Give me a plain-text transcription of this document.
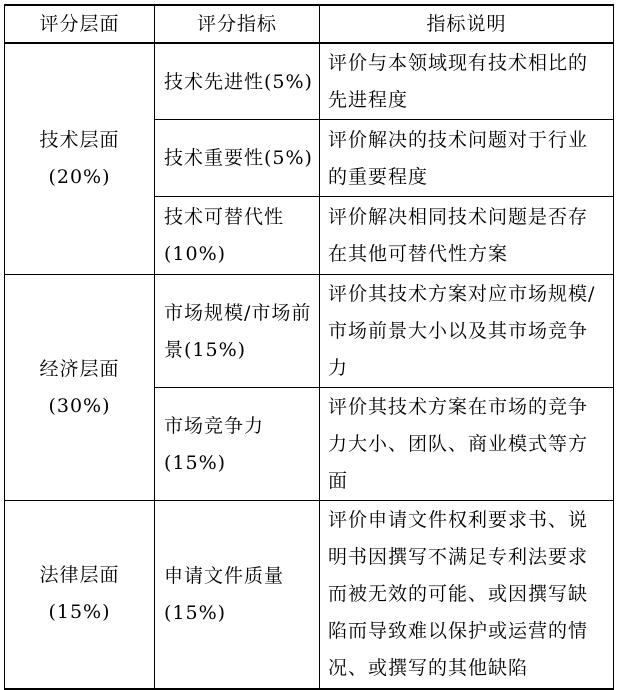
评分层面	评分指标	指标说明

技术层面
(20%)	技术先进性(5%)	评价与本领域现有技术相比的先进程度
	技术重要性(5%)	评价解决的技术问题对于行业的重要程度
	技术可替代性(10%)	评价解决相同技术问题是否存在其他可替代性方案

经济层面
(30%)	市场规模/市场前景(15%)	评价其技术方案对应市场规模/市场前景大小以及其市场竞争力
	市场竞争力(15%)	评价其技术方案在市场的竞争力大小、团队、商业模式等方面

法律层面
(15%)	申请文件质量(15%)	评价申请文件权利要求书、说明书因撰写不满足专利法要求而被无效的可能、或因撰写缺陷而导致难以保护或运营的情况、或撰写的其他缺陷
